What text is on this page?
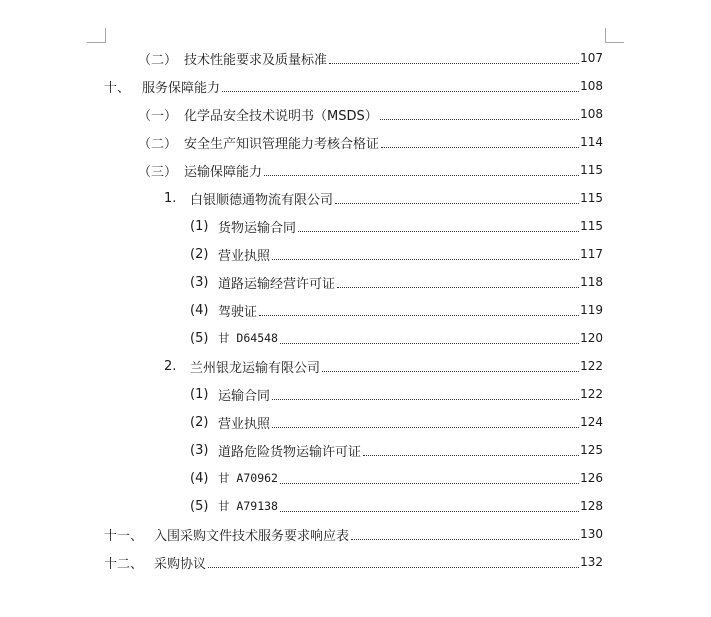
（二） 技术性能要求及质量标准	107
十、 服务保障能力	108
（一） 化学品安全技术说明书（MSDS）	108
（二） 安全生产知识管理能力考核合格证	114
（三） 运输保障能力	115
1.	白银顺德通物流有限公司	115
(1) 货物运输合同	115
(2) 营业执照	117
(3) 道路运输经营许可证	118
(4) 驾驶证	119
(5) 甘 D64548	120
2.	兰州银龙运输有限公司	122
(1) 运输合同	122
(2) 营业执照	124
(3) 道路危险货物运输许可证	125
(4) 甘 A70962	126
(5) 甘 A79138	128
十一、 入围采购文件技术服务要求响应表	130
十二、 采购协议	132
